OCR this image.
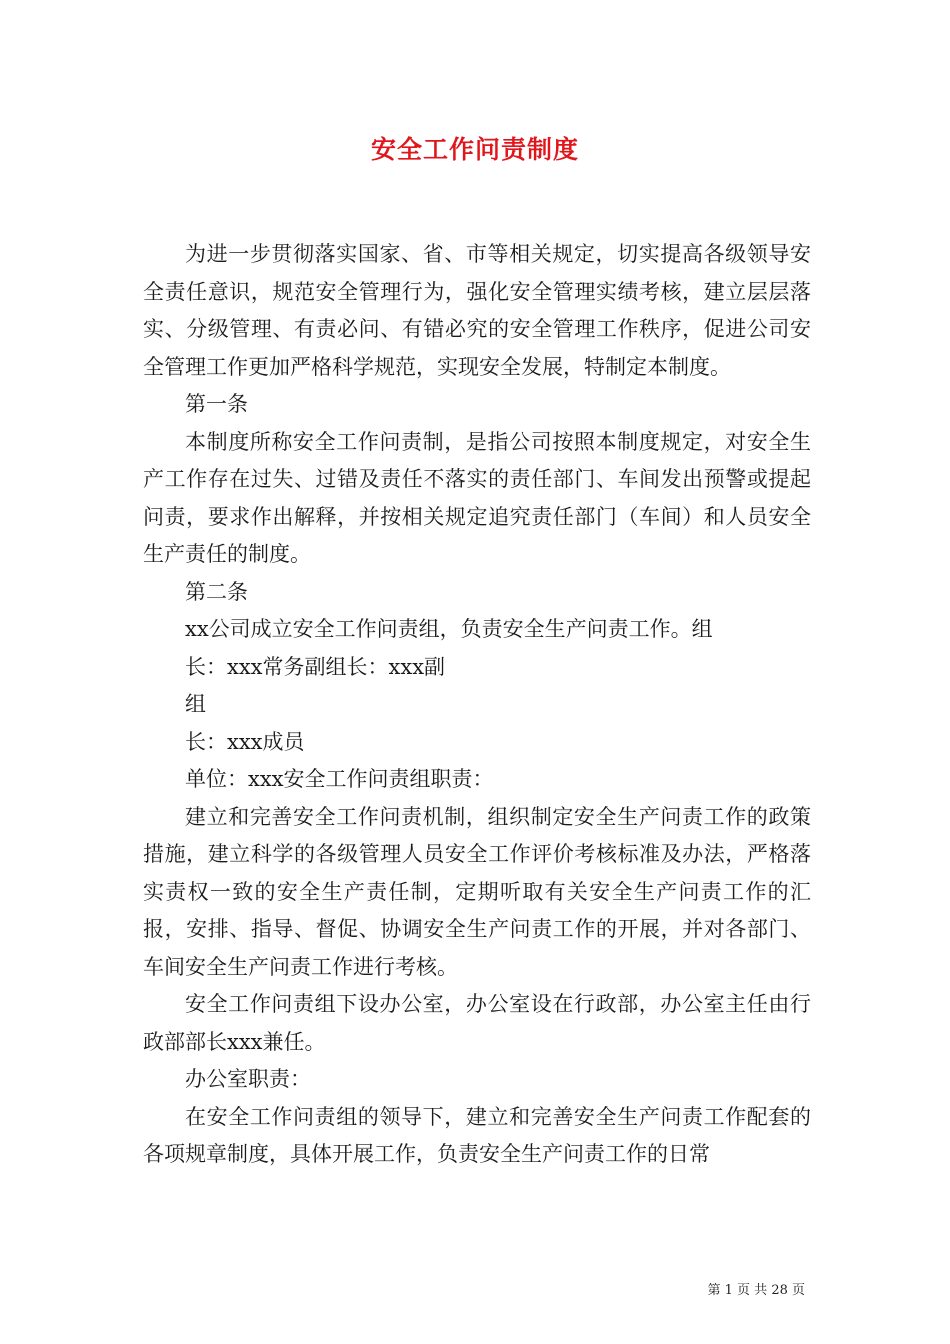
安全工作问责制度

为进一步贯彻落实国家、省、市等相关规定，切实提高各级领导安全责任意识，规范安全管理行为，强化安全管理实绩考核，建立层层落实、分级管理、有责必问、有错必究的安全管理工作秩序，促进公司安全管理工作更加严格科学规范，实现安全发展，特制定本制度。

第一条

本制度所称安全工作问责制，是指公司按照本制度规定，对安全生产工作存在过失、过错及责任不落实的责任部门、车间发出预警或提起问责，要求作出解释，并按相关规定追究责任部门（车间）和人员安全生产责任的制度。

第二条

xx公司成立安全工作问责组，负责安全生产问责工作。组

长：xxx常务副组长：xxx副

组

长：xxx成员

单位：xxx安全工作问责组职责：

建立和完善安全工作问责机制，组织制定安全生产问责工作的政策措施，建立科学的各级管理人员安全工作评价考核标准及办法，严格落实责权一致的安全生产责任制，定期听取有关安全生产问责工作的汇报，安排、指导、督促、协调安全生产问责工作的开展，并对各部门、车间安全生产问责工作进行考核。

安全工作问责组下设办公室，办公室设在行政部，办公室主任由行政部部长xxx兼任。

办公室职责：

在安全工作问责组的领导下，建立和完善安全生产问责工作配套的各项规章制度，具体开展工作，负责安全生产问责工作的日常

第 1 页 共 28 页
